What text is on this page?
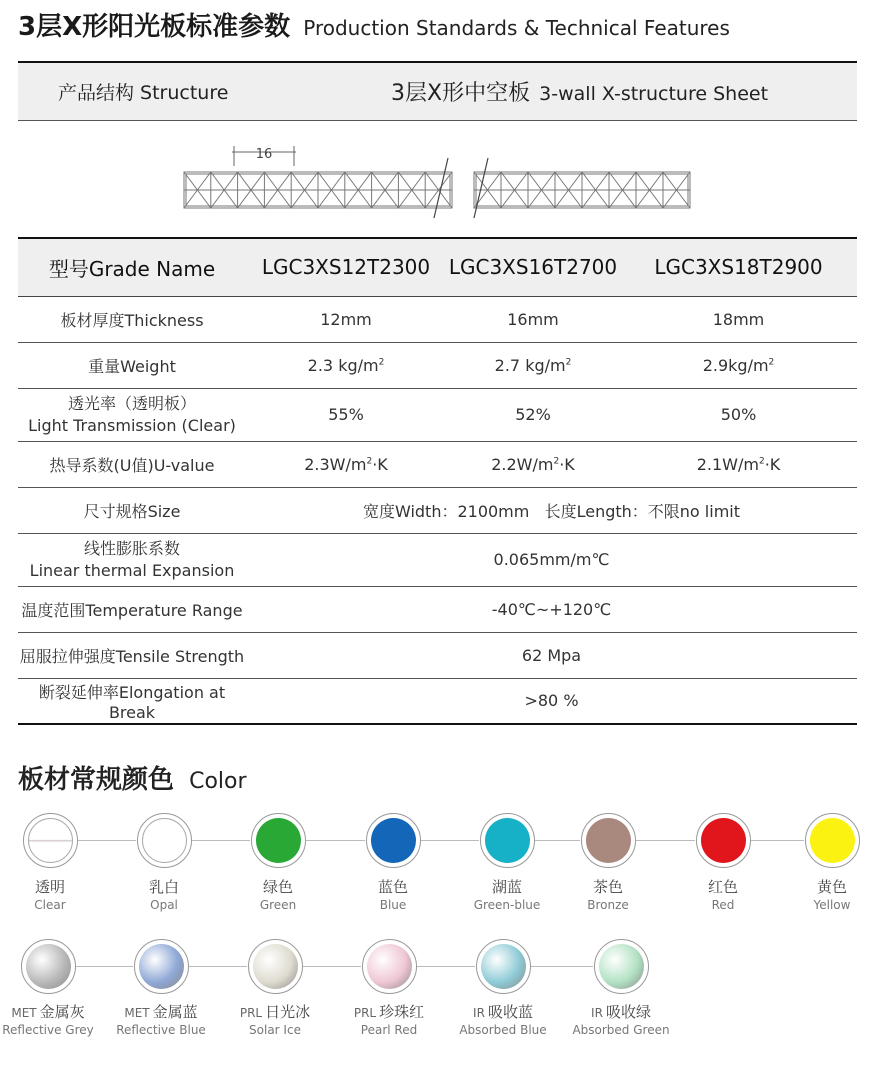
3层X形阳光板标准参数 Production Standards & Technical Features
产品结构 Structure	3层X形中空板 3-wall X-structure Sheet
16
型号Grade Name	LGC3XS12T2300	LGC3XS16T2700	LGC3XS18T2900
板材厚度Thickness	12mm	16mm	18mm
重量Weight	2.3 $kg/m^2$	2.7 $kg/m^2$	$2.9kg/m^2$

透光率（透明板）
Light Transmission (Clear)	55%	52%	50%
热导系数(U值)U-value	$2.3W/m^2\cdot K$	$2.2W/m^2\cdot K$	$2.1W/m^2\cdot K$
尺寸规格Size	宽度Width：2100mm   长度Length：不限no limit		

线性膨胀系数
Linear thermal Expansion	0.065mm/m℃		
温度范围Temperature Range	-40℃~+120℃		
屈服拉伸强度Tensile Strength	62 Mpa		
断裂延伸率Elongation at Break	>80 %		
板材常规颜色 Color
透明
Clear
乳白
Opal
绿色
Green
蓝色
Blue
湖蓝
Green-blue
茶色
Bronze
红色
Red
黄色
Yellow
MET 金属灰
Reflective Grey
MET 金属蓝
Reflective Blue
PRL 日光冰
Solar Ice
PRL 珍珠红
Pearl Red
IR 吸收蓝
Absorbed Blue
IR 吸收绿
Absorbed Green
